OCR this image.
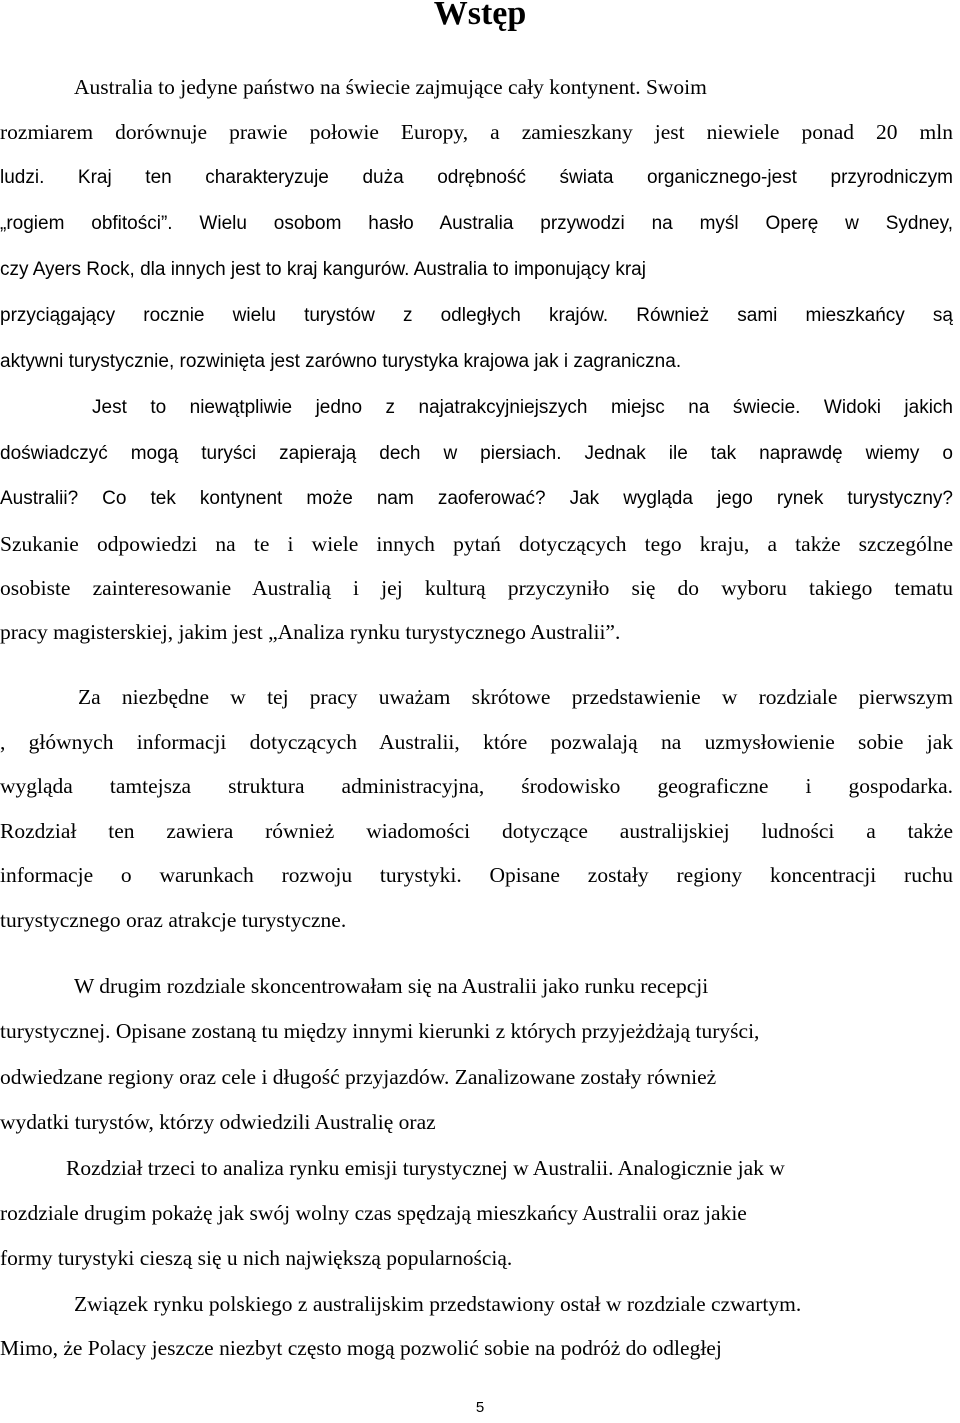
Wstęp

Australia to jedyne państwo na świecie zajmujące cały kontynent. Swoim

rozmiarem dorównuje prawie połowie Europy, a zamieszkany jest niewiele ponad 20 mln

ludzi. Kraj ten charakteryzuje duża odrębność świata organicznego-jest przyrodniczym

„rogiem obfitości”. Wielu osobom hasło Australia przywodzi na myśl Operę w Sydney,

czy Ayers Rock, dla innych jest to kraj kangurów. Australia to imponujący kraj

przyciągający rocznie wielu turystów z odległych krajów. Również sami mieszkańcy są

aktywni turystycznie, rozwinięta jest zarówno turystyka krajowa jak i zagraniczna.

Jest to niewątpliwie jedno z najatrakcyjniejszych miejsc na świecie. Widoki jakich

doświadczyć mogą turyści zapierają dech w piersiach. Jednak ile tak naprawdę wiemy o

Australii? Co tek kontynent może nam zaoferować? Jak wygląda jego rynek turystyczny?

Szukanie odpowiedzi na te i wiele innych pytań dotyczących tego kraju, a także szczególne

osobiste zainteresowanie Australią i jej kulturą przyczyniło się do wyboru takiego tematu

pracy magisterskiej, jakim jest „Analiza rynku turystycznego Australii”.

Za niezbędne w tej pracy uważam skrótowe przedstawienie w rozdziale pierwszym

, głównych informacji dotyczących Australii, które pozwalają na uzmysłowienie sobie jak

wygląda tamtejsza struktura administracyjna, środowisko geograficzne i gospodarka.

Rozdział ten zawiera również wiadomości dotyczące australijskiej ludności a także

informacje o warunkach rozwoju turystyki. Opisane zostały regiony koncentracji ruchu

turystycznego oraz atrakcje turystyczne.

W drugim rozdziale skoncentrowałam się na Australii jako runku recepcji

turystycznej. Opisane zostaną tu między innymi kierunki z których przyjeżdżają turyści,

odwiedzane regiony oraz cele i długość przyjazdów. Zanalizowane zostały również

wydatki turystów, którzy odwiedzili Australię oraz

Rozdział trzeci to analiza rynku emisji turystycznej w Australii. Analogicznie jak w

rozdziale drugim pokażę jak swój wolny czas spędzają mieszkańcy Australii oraz jakie

formy turystyki cieszą się u nich największą popularnością.

Związek rynku polskiego z australijskim przedstawiony ostał w rozdziale czwartym.

Mimo, że Polacy jeszcze niezbyt często mogą pozwolić sobie na podróż do odległej

5
